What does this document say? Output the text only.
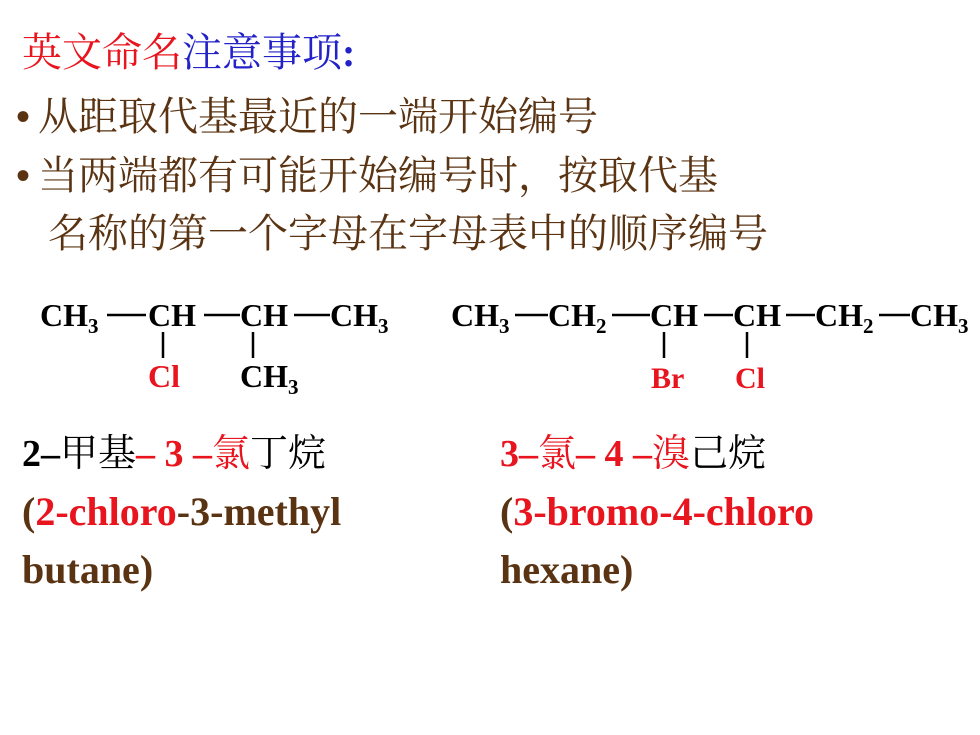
英文命名注意事项:
• 从距取代基最近的一端开始编号
• 当两端都有可能开始编号时，按取代基
名称的第一个字母在字母表中的顺序编号
$CH_3$ CH CH $CH_3$
Cl $CH_3$
$CH_3$ $CH_2$ CH CH $CH_2$ $CH_3$
Br Cl
2–甲基– 3 –氯丁烷
(2-chloro-3-methyl
butane)
3–氯– 4 –溴己烷
(3-bromo-4-chloro
hexane)
